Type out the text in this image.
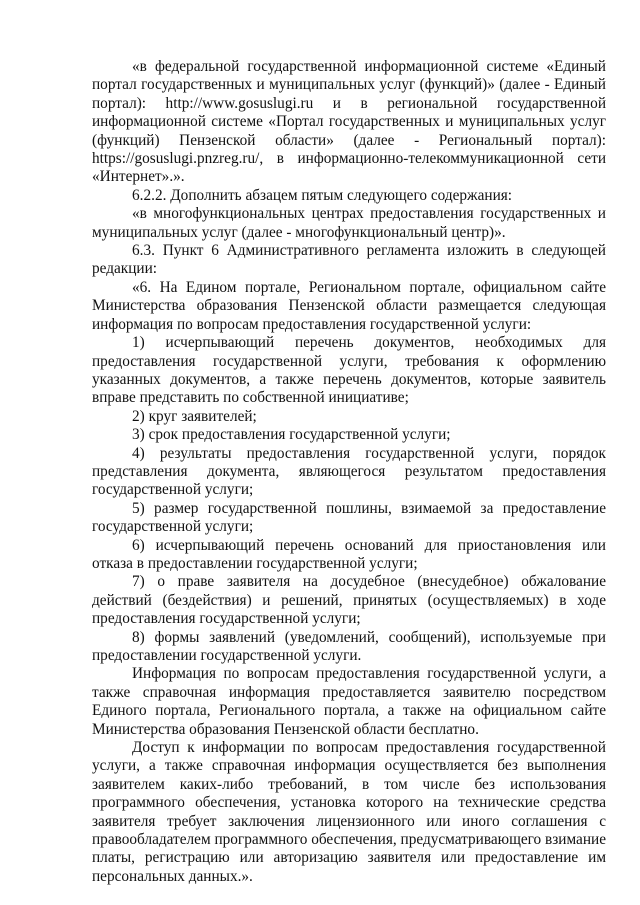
«в федеральной государственной информационной системе «Единый портал государственных и муниципальных услуг (функций)» (далее - Единый портал): http://www.gosuslugi.ru и в региональной государственной информационной системе «Портал государственных и муниципальных услуг (функций) Пензенской области» (далее - Региональный портал): https://gosuslugi.pnzreg.ru/, в информационно-телекоммуникационной сети «Интернет».».

6.2.2. Дополнить абзацем пятым следующего содержания:

«в многофункциональных центрах предоставления государственных и муниципальных услуг (далее - многофункциональный центр)».

6.3. Пункт 6 Административного регламента изложить в следующей редакции:

«6. На Едином портале, Региональном портале, официальном сайте Министерства образования Пензенской области размещается следующая информация по вопросам предоставления государственной услуги:

1) исчерпывающий перечень документов, необходимых для предоставления государственной услуги, требования к оформлению указанных документов, а также перечень документов, которые заявитель вправе представить по собственной инициативе;

2) круг заявителей;

3) срок предоставления государственной услуги;

4) результаты предоставления государственной услуги, порядок представления документа, являющегося результатом предоставления государственной услуги;

5) размер государственной пошлины, взимаемой за предоставление государственной услуги;

6) исчерпывающий перечень оснований для приостановления или отказа в предоставлении государственной услуги;

7) о праве заявителя на досудебное (внесудебное) обжалование действий (бездействия) и решений, принятых (осуществляемых) в ходе предоставления государственной услуги;

8) формы заявлений (уведомлений, сообщений), используемые при предоставлении государственной услуги.

Информация по вопросам предоставления государственной услуги, а также справочная информация предоставляется заявителю посредством Единого портала, Регионального портала, а также на официальном сайте Министерства образования Пензенской области бесплатно.

Доступ к информации по вопросам предоставления государственной услуги, а также справочная информация осуществляется без выполнения заявителем каких-либо требований, в том числе без использования программного обеспечения, установка которого на технические средства заявителя требует заключения лицензионного или иного соглашения с правообладателем программного обеспечения, предусматривающего взимание платы, регистрацию или авторизацию заявителя или предоставление им персональных данных.».
